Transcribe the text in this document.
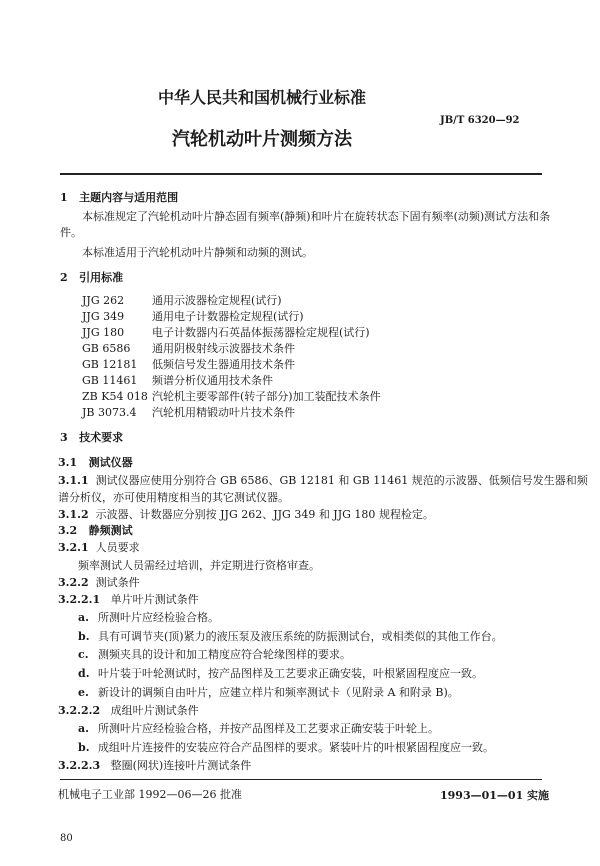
中华人民共和国机械行业标准
JB/T 6320—92
汽轮机动叶片测频方法
1 主题内容与适用范围
本标准规定了汽轮机动叶片静态固有频率(静频)和叶片在旋转状态下固有频率(动频)测试方法和条
件。
本标准适用于汽轮机动叶片静频和动频的测试。
2 引用标准
JJG 262	通用示波器检定规程(试行)
JJG 349	通用电子计数器检定规程(试行)
JJG 180	电子计数器内石英晶体振荡器检定规程(试行)
GB 6586 通用阴极射线示波器技术条件
GB 12181 低频信号发生器通用技术条件
GB 11461 频谱分析仪通用技术条件
ZB K54 018 汽轮机主要零部件(转子部分)加工装配技术条件
JB 3073.4 汽轮机用精锻动叶片技术条件
3 技术要求
3.1 测试仪器
3.1.1 测试仪器应使用分别符合 GB 6586、GB 12181 和 GB 11461 规范的示波器、低频信号发生器和频
谱分析仪，亦可使用精度相当的其它测试仪器。
3.1.2 示波器、计数器应分别按 JJG 262、JJG 349 和 JJG 180 规程检定。
3.2 静频测试
3.2.1 人员要求
频率测试人员需经过培训，并定期进行资格审查。
3.2.2 测试条件
3.2.2.1 单片叶片测试条件
a. 所测叶片应经检验合格。
b. 具有可调节夹(顶)紧力的液压泵及液压系统的防振测试台，或相类似的其他工作台。
c. 测频夹具的设计和加工精度应符合轮缘图样的要求。
d. 叶片装于叶轮测试时，按产品图样及工艺要求正确安装，叶根紧固程度应一致。
e. 新设计的调频自由叶片，应建立样片和频率测试卡（见附录 A 和附录 B)。
3.2.2.2 成组叶片测试条件
a. 所测叶片应经检验合格，并按产品图样及工艺要求正确安装于叶轮上。
b. 成组叶片连接件的安装应符合产品图样的要求。紧装叶片的叶根紧固程度应一致。
3.2.2.3 整圈(网状)连接叶片测试条件
机械电子工业部 1992—06—26 批准	1993—01—01 实施
80
